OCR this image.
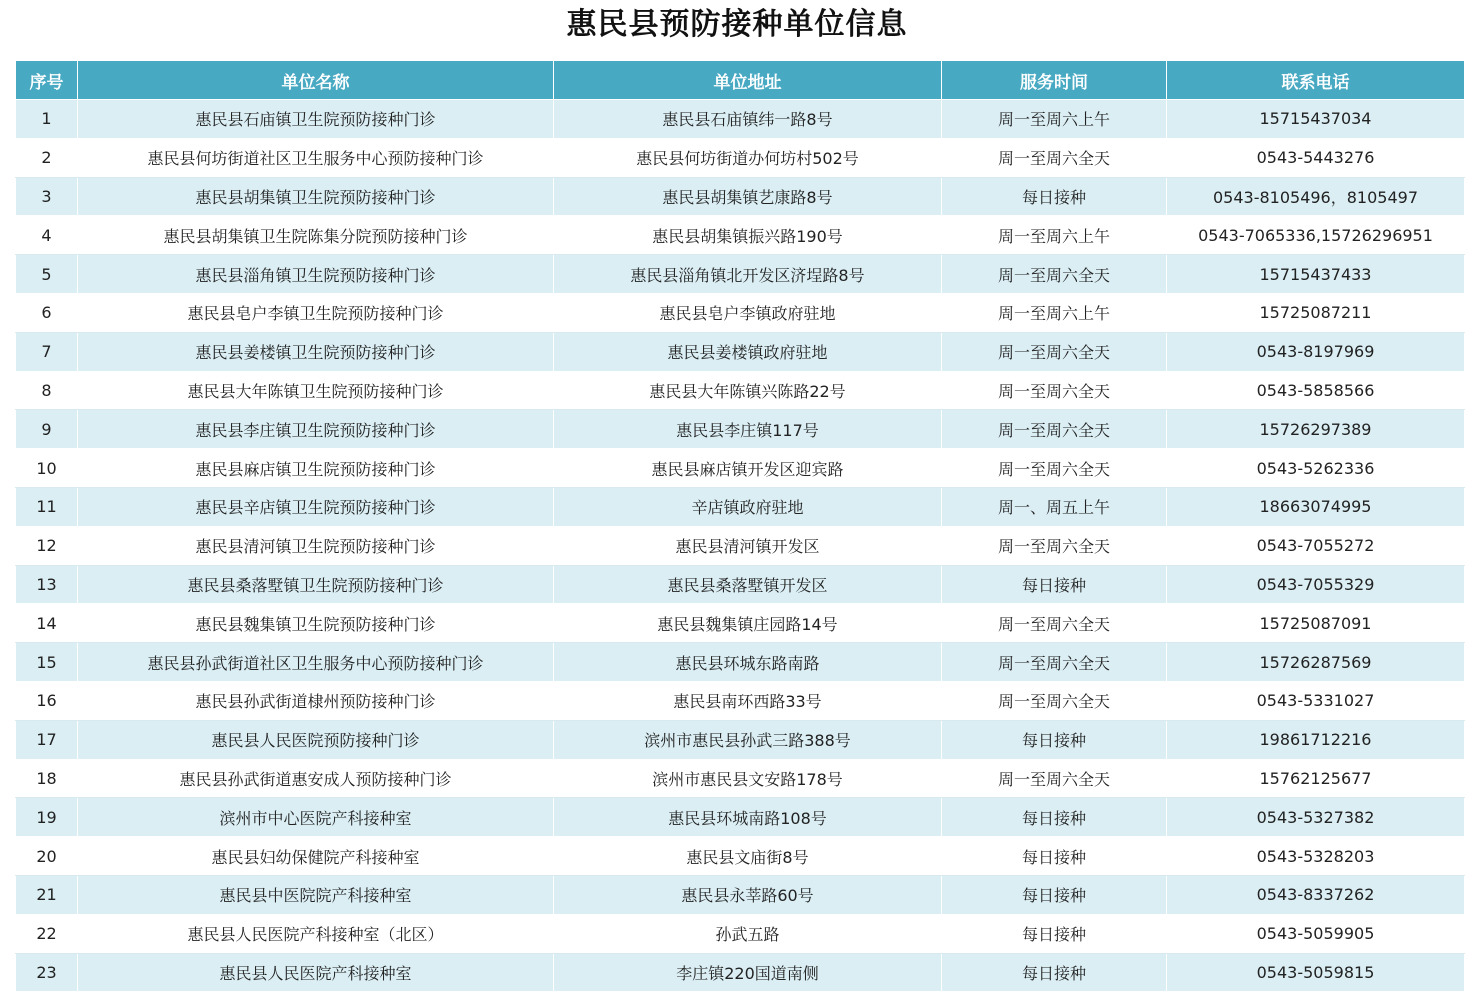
惠民县预防接种单位信息
序号	单位名称	单位地址	服务时间	联系电话
1	惠民县石庙镇卫生院预防接种门诊	惠民县石庙镇纬一路8号	周一至周六上午	15715437034
2	惠民县何坊街道社区卫生服务中心预防接种门诊	惠民县何坊街道办何坊村502号	周一至周六全天	0543-5443276
3	惠民县胡集镇卫生院预防接种门诊	惠民县胡集镇艺康路8号	每日接种	0543-8105496，8105497
4	惠民县胡集镇卫生院陈集分院预防接种门诊	惠民县胡集镇振兴路190号	周一至周六上午	0543-7065336,15726296951
5	惠民县淄角镇卫生院预防接种门诊	惠民县淄角镇北开发区济埕路8号	周一至周六全天	15715437433
6	惠民县皂户李镇卫生院预防接种门诊	惠民县皂户李镇政府驻地	周一至周六上午	15725087211
7	惠民县姜楼镇卫生院预防接种门诊	惠民县姜楼镇政府驻地	周一至周六全天	0543-8197969
8	惠民县大年陈镇卫生院预防接种门诊	惠民县大年陈镇兴陈路22号	周一至周六全天	0543-5858566
9	惠民县李庄镇卫生院预防接种门诊	惠民县李庄镇117号	周一至周六全天	15726297389
10	惠民县麻店镇卫生院预防接种门诊	惠民县麻店镇开发区迎宾路	周一至周六全天	0543-5262336
11	惠民县辛店镇卫生院预防接种门诊	辛店镇政府驻地	周一、周五上午	18663074995
12	惠民县清河镇卫生院预防接种门诊	惠民县清河镇开发区	周一至周六全天	0543-7055272
13	惠民县桑落墅镇卫生院预防接种门诊	惠民县桑落墅镇开发区	每日接种	0543-7055329
14	惠民县魏集镇卫生院预防接种门诊	惠民县魏集镇庄园路14号	周一至周六全天	15725087091
15	惠民县孙武街道社区卫生服务中心预防接种门诊	惠民县环城东路南路	周一至周六全天	15726287569
16	惠民县孙武街道棣州预防接种门诊	惠民县南环西路33号	周一至周六全天	0543-5331027
17	惠民县人民医院预防接种门诊	滨州市惠民县孙武三路388号	每日接种	19861712216
18	惠民县孙武街道惠安成人预防接种门诊	滨州市惠民县文安路178号	周一至周六全天	15762125677
19	滨州市中心医院产科接种室	惠民县环城南路108号	每日接种	0543-5327382
20	惠民县妇幼保健院产科接种室	惠民县文庙街8号	每日接种	0543-5328203
21	惠民县中医院院产科接种室	惠民县永莘路60号	每日接种	0543-8337262
22	惠民县人民医院产科接种室（北区）	孙武五路	每日接种	0543-5059905
23	惠民县人民医院产科接种室	李庄镇220国道南侧	每日接种	0543-5059815
